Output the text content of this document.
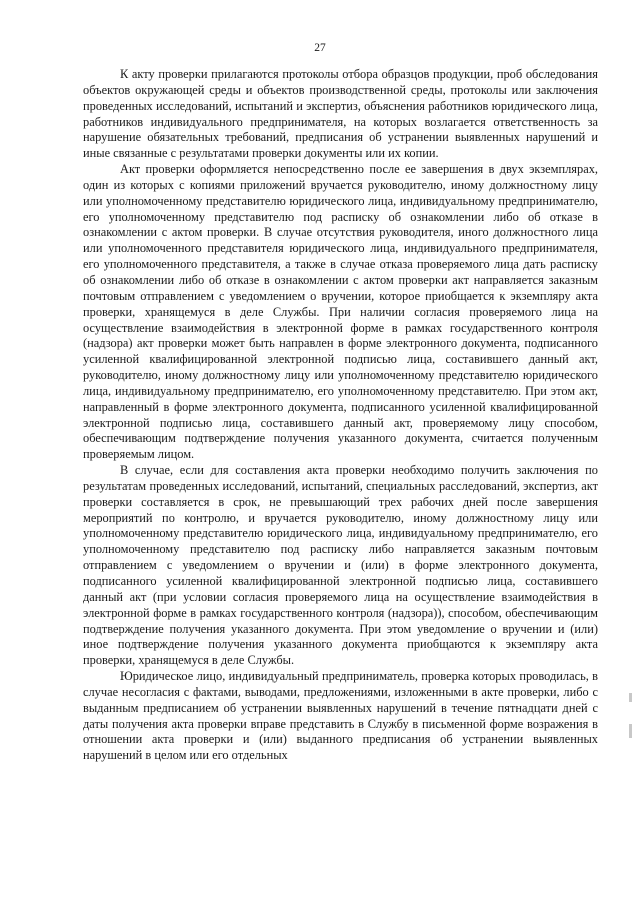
27

К акту проверки прилагаются протоколы отбора образцов продукции, проб обследования объектов окружающей среды и объектов производственной среды, протоколы или заключения проведенных исследований, испытаний и экспертиз, объяснения работников юридического лица, работников индивидуального предпринимателя, на которых возлагается ответственность за нарушение обязательных требований, предписания об устранении выявленных нарушений и иные связанные с результатами проверки документы или их копии.

Акт проверки оформляется непосредственно после ее завершения в двух экземплярах, один из которых с копиями приложений вручается руководителю, иному должностному лицу или уполномоченному представителю юридического лица, индивидуальному предпринимателю, его уполномоченному представителю под расписку об ознакомлении либо об отказе в ознакомлении с актом проверки. В случае отсутствия руководителя, иного должностного лица или уполномоченного представителя юридического лица, индивидуального предпринимателя, его уполномоченного представителя, а также в случае отказа проверяемого лица дать расписку об ознакомлении либо об отказе в ознакомлении с актом проверки акт направляется заказным почтовым отправлением с уведомлением о вручении, которое приобщается к экземпляру акта проверки, хранящемуся в деле Службы. При наличии согласия проверяемого лица на осуществление взаимодействия в электронной форме в рамках государственного контроля (надзора) акт проверки может быть направлен в форме электронного документа, подписанного усиленной квалифицированной электронной подписью лица, составившего данный акт, руководителю, иному должностному лицу или уполномоченному представителю юридического лица, индивидуальному предпринимателю, его уполномоченному представителю. При этом акт, направленный в форме электронного документа, подписанного усиленной квалифицированной электронной подписью лица, составившего данный акт, проверяемому лицу способом, обеспечивающим подтверждение получения указанного документа, считается полученным проверяемым лицом.

В случае, если для составления акта проверки необходимо получить заключения по результатам проведенных исследований, испытаний, специальных расследований, экспертиз, акт проверки составляется в срок, не превышающий трех рабочих дней после завершения мероприятий по контролю, и вручается руководителю, иному должностному лицу или уполномоченному представителю юридического лица, индивидуальному предпринимателю, его уполномоченному представителю под расписку либо направляется заказным почтовым отправлением с уведомлением о вручении и (или) в форме электронного документа, подписанного усиленной квалифицированной электронной подписью лица, составившего данный акт (при условии согласия проверяемого лица на осуществление взаимодействия в электронной форме в рамках государственного контроля (надзора)), способом, обеспечивающим подтверждение получения указанного документа. При этом уведомление о вручении и (или) иное подтверждение получения указанного документа приобщаются к экземпляру акта проверки, хранящемуся в деле Службы.

Юридическое лицо, индивидуальный предприниматель, проверка которых проводилась, в случае несогласия с фактами, выводами, предложениями, изложенными в акте проверки, либо с выданным предписанием об устранении выявленных нарушений в течение пятнадцати дней с даты получения акта проверки вправе представить в Службу в письменной форме возражения в отношении акта проверки и (или) выданного предписания об устранении выявленных нарушений в целом или его отдельных
